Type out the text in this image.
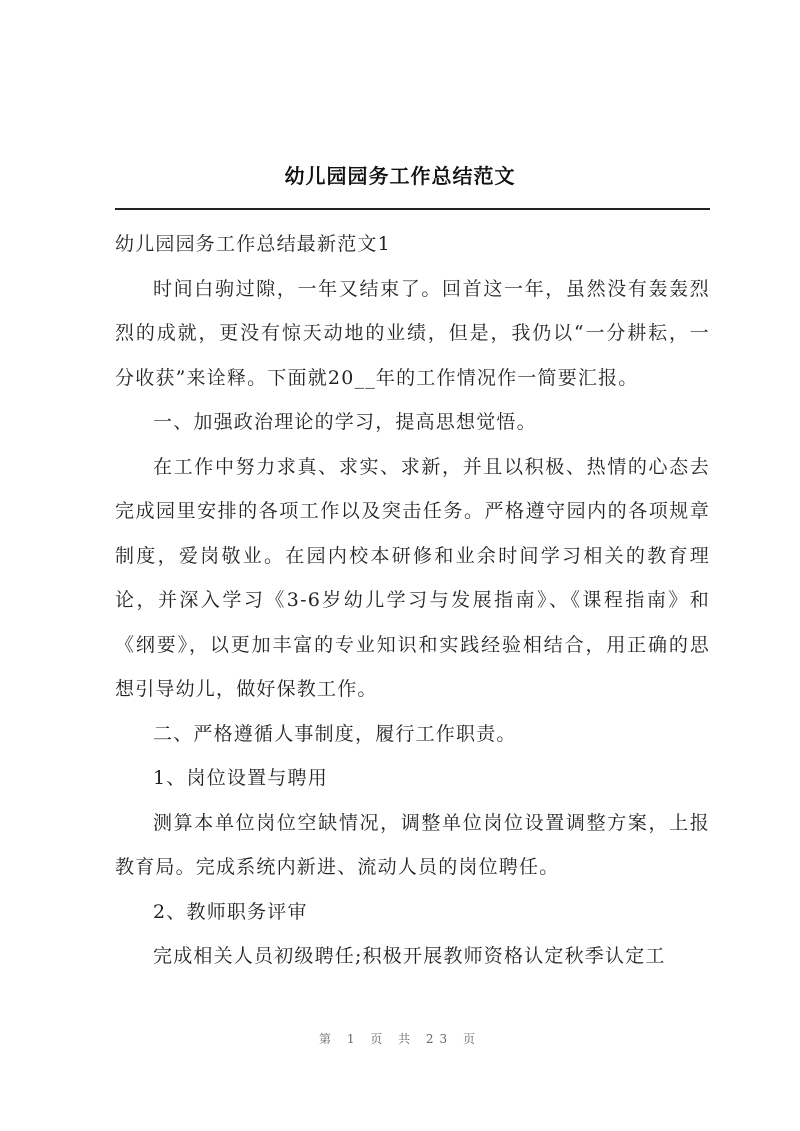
幼儿园园务工作总结范文

幼儿园园务工作总结最新范文1

时间白驹过隙，一年又结束了。回首这一年，虽然没有轰轰烈烈的成就，更没有惊天动地的业绩，但是，我仍以“一分耕耘，一分收获”来诠释。下面就20__年的工作情况作一简要汇报。

一、加强政治理论的学习，提高思想觉悟。

在工作中努力求真、求实、求新，并且以积极、热情的心态去完成园里安排的各项工作以及突击任务。严格遵守园内的各项规章制度，爱岗敬业。在园内校本研修和业余时间学习相关的教育理论，并深入学习《3-6岁幼儿学习与发展指南》、《课程指南》和《纲要》，以更加丰富的专业知识和实践经验相结合，用正确的思想引导幼儿，做好保教工作。

二、严格遵循人事制度，履行工作职责。

1、岗位设置与聘用

测算本单位岗位空缺情况，调整单位岗位设置调整方案，上报教育局。完成系统内新进、流动人员的岗位聘任。

2、教师职务评审

完成相关人员初级聘任;积极开展教师资格认定秋季认定工

第 1 页 共 23 页
